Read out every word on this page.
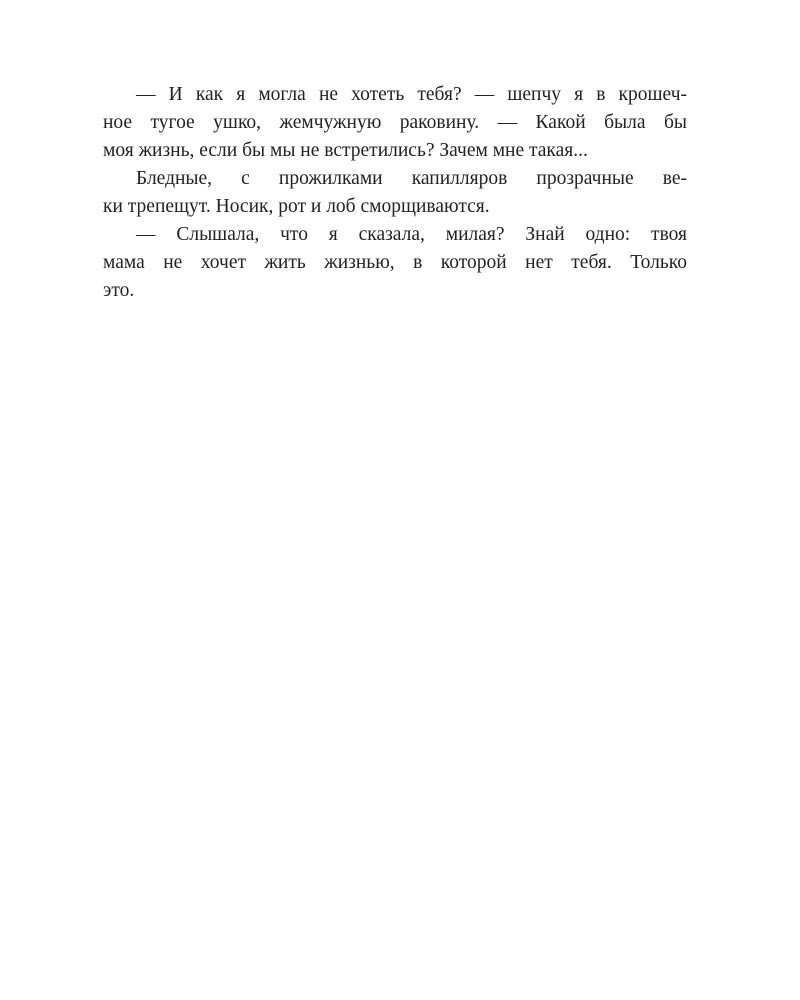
— И как я могла не хотеть тебя? — шепчу я в крошеч-
ное тугое ушко, жемчужную раковину. — Какой была бы
моя жизнь, если бы мы не встретились? Зачем мне такая...
Бледные, с прожилками капилляров прозрачные ве-
ки трепещут. Носик, рот и лоб сморщиваются.
— Слышала, что я сказала, милая? Знай одно: твоя
мама не хочет жить жизнью, в которой нет тебя. Только
это.
